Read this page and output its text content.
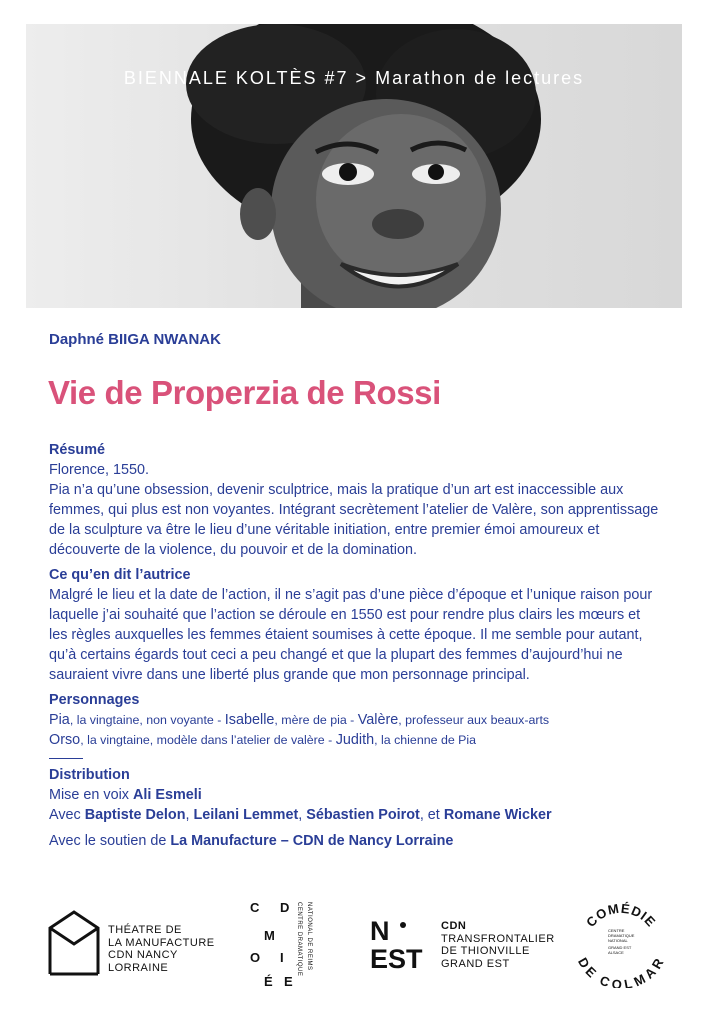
BIENNALE KOLTÈS #7 > Marathon de lectures
Daphné BIIGA NWANAK
Vie de Properzia de Rossi
Résumé

Florence, 1550.

Pia n’a qu’une obsession, devenir sculptrice, mais la pratique d’un art est inaccessible aux

femmes, qui plus est non voyantes. Intégrant secrètement l’atelier de Valère, son apprentissage

de la sculpture va être le lieu d’une véritable initiation, entre premier émoi amoureux et

découverte de la violence, du pouvoir et de la domination.

Ce qu’en dit l’autrice

Malgré le lieu et la date de l’action, il ne s’agit pas d’une pièce d’époque et l’unique raison pour

laquelle j’ai souhaité que l’action se déroule en 1550 est pour rendre plus clairs les mœurs et

les règles auxquelles les femmes étaient soumises à cette époque. Il me semble pour autant,

qu’à certains égards tout ceci a peu changé et que la plupart des femmes d’aujourd’hui ne

sauraient vivre dans une liberté plus grande que mon personnage principal.

Personnages

Pia, la vingtaine, non voyante - Isabelle, mère de pia - Valère, professeur aux beaux-arts

Orso, la vingtaine, modèle dans l’atelier de valère - Judith, la chienne de Pia

Distribution

Mise en voix Ali Esmeli

Avec Baptiste Delon, Leilani Lemmet, Sébastien Poirot, et Romane Wicker

Avec le soutien de La Manufacture – CDN de Nancy Lorraine

THÉATRE DE
LA MANUFACTURE
CDN NANCY
LORRAINE
C D
M
O I
É E
CENTRE DRAMATIQUE NATIONAL DE REIMS N
EST
CDN
TRANSFRONTALIER
DE THIONVILLE
GRAND EST
COMÉDIE
DE COLMAR
CENTRE
DRAMATIQUE
NATIONAL
GRAND EST
ALSACE
